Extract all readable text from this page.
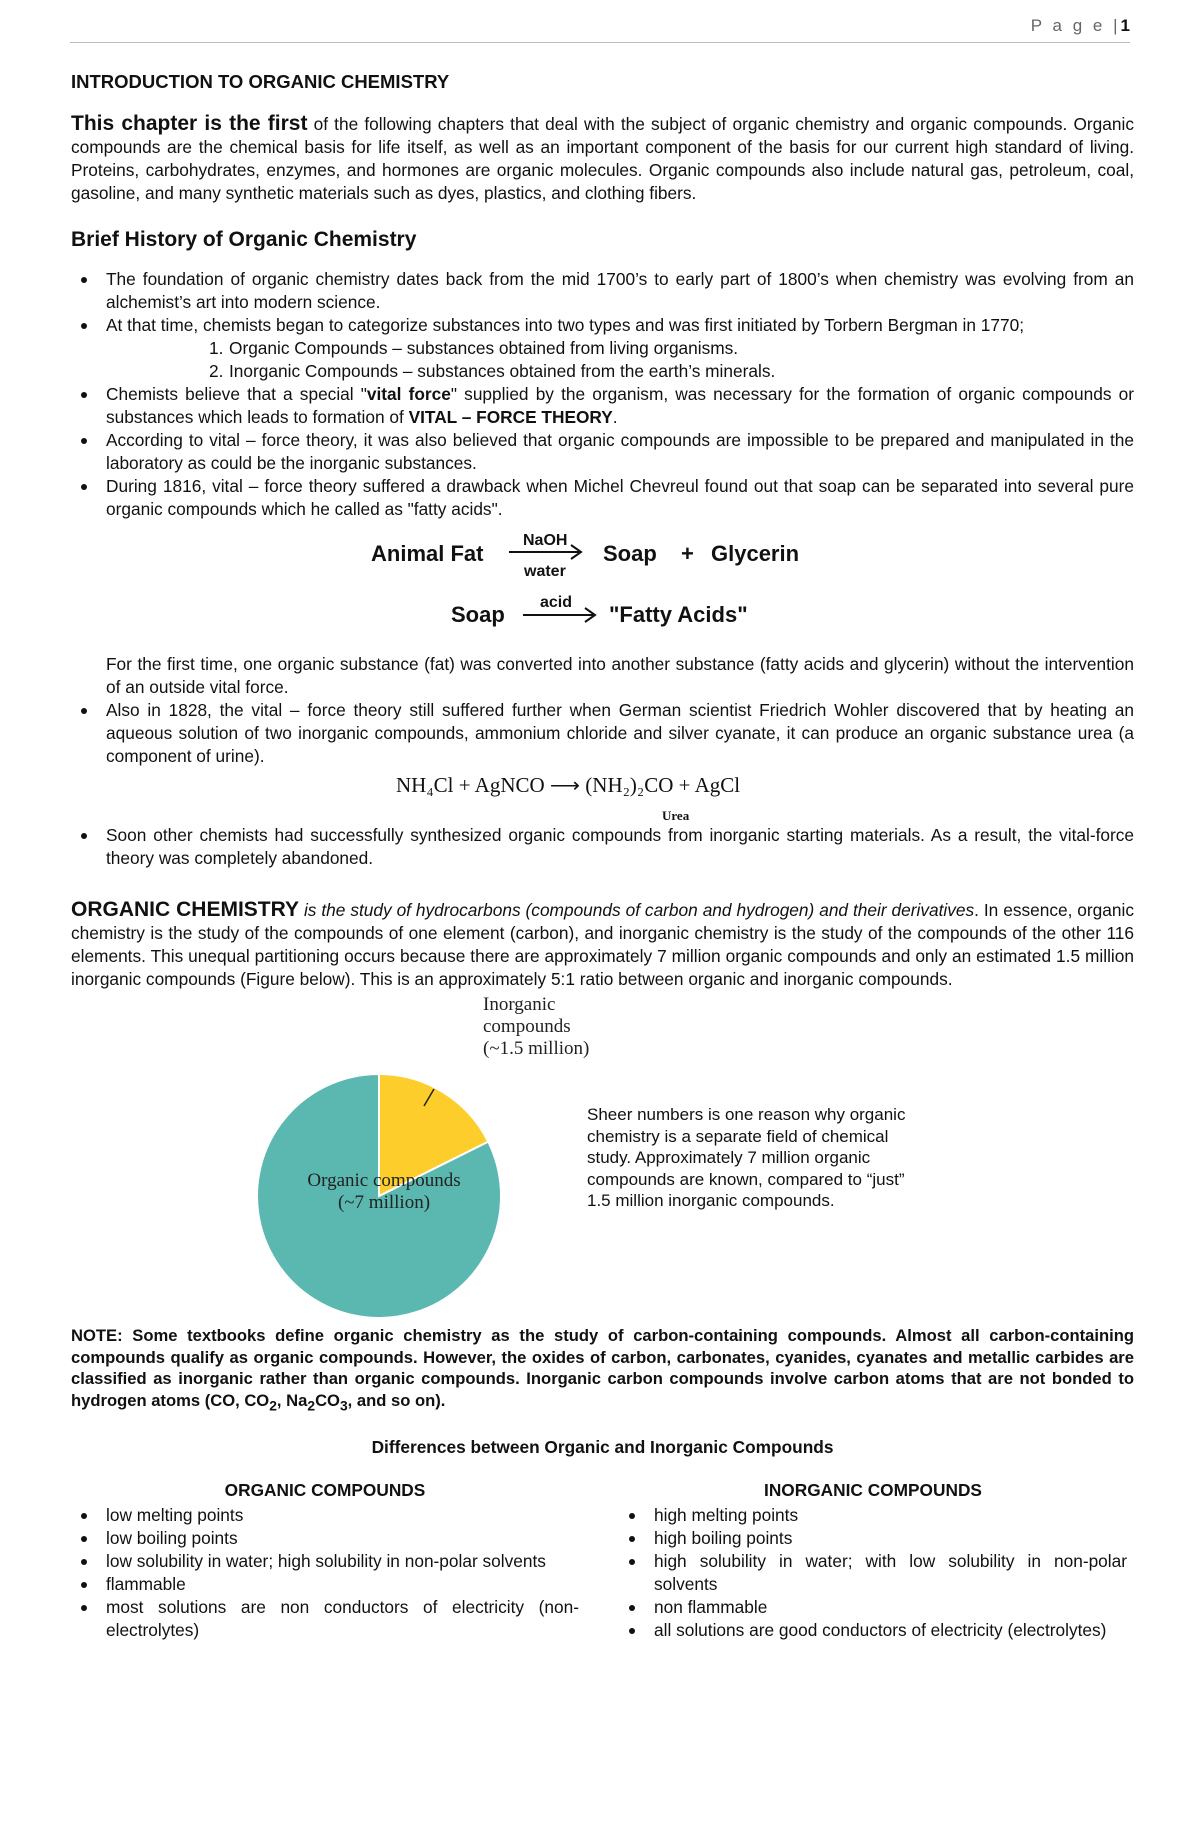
P a g e |1
INTRODUCTION TO ORGANIC CHEMISTRY

This chapter is the first of the following chapters that deal with the subject of organic chemistry and organic compounds. Organic compounds are the chemical basis for life itself, as well as an important component of the basis for our current high standard of living. Proteins, carbohydrates, enzymes, and hormones are organic molecules. Organic compounds also include natural gas, petroleum, coal, gasoline, and many synthetic materials such as dyes, plastics, and clothing fibers.

Brief History of Organic Chemistry
The foundation of organic chemistry dates back from the mid 1700’s to early part of 1800’s when chemistry was evolving from an alchemist’s art into modern science.
At that time, chemists began to categorize substances into two types and was first initiated by Torbern Bergman in 1770;
1. Organic Compounds – substances obtained from living organisms.
2. Inorganic Compounds – substances obtained from the earth’s minerals.
Chemists believe that a special "vital force" supplied by the organism, was necessary for the formation of organic compounds or substances which leads to formation of VITAL – FORCE THEORY.
According to vital – force theory, it was also believed that organic compounds are impossible to be prepared and manipulated in the laboratory as could be the inorganic substances.
During 1816, vital – force theory suffered a drawback when Michel Chevreul found out that soap can be separated into several pure organic compounds which he called as "fatty acids".
Animal Fat
NaOH
water
Soap + Glycerin
Soap acid "Fatty Acids"

For the first time, one organic substance (fat) was converted into another substance (fatty acids and glycerin) without the intervention of an outside vital force.

Also in 1828, the vital – force theory still suffered further when German scientist Friedrich Wohler discovered that by heating an aqueous solution of two inorganic compounds, ammonium chloride and silver cyanate, it can produce an organic substance urea (a component of urine).
NH₄Cl + AgNCO ⟶ (NH₂)₂CO + AgCl
Urea
Soon other chemists had successfully synthesized organic compounds from inorganic starting materials. As a result, the vital-force theory was completely abandoned.

ORGANIC CHEMISTRY is the study of hydrocarbons (compounds of carbon and hydrogen) and their derivatives. In essence, organic chemistry is the study of the compounds of one element (carbon), and inorganic chemistry is the study of the compounds of the other 116 elements. This unequal partitioning occurs because there are approximately 7 million organic compounds and only an estimated 1.5 million inorganic compounds (Figure below). This is an approximately 5:1 ratio between organic and inorganic compounds.

Inorganic
compounds
(~1.5 million)
Organic compounds
(~7 million)
Sheer numbers is one reason why organic chemistry is a separate field of chemical study. Approximately 7 million organic compounds are known, compared to “just” 1.5 million inorganic compounds.

NOTE: Some textbooks define organic chemistry as the study of carbon-containing compounds. Almost all carbon-containing compounds qualify as organic compounds. However, the oxides of carbon, carbonates, cyanides, cyanates and metallic carbides are classified as inorganic rather than organic compounds. Inorganic carbon compounds involve carbon atoms that are not bonded to hydrogen atoms (CO, $CO_2$, $Na_2CO_3$, and so on).

Differences between Organic and Inorganic Compounds
ORGANIC COMPOUNDS
low melting points
low boiling points
low solubility in water; high solubility in non-polar solvents
flammable
most solutions are non conductors of electricity (non-electrolytes)
INORGANIC COMPOUNDS
high melting points
high boiling points
high solubility in water; with low solubility in non-polar solvents
non flammable
all solutions are good conductors of electricity (electrolytes)
